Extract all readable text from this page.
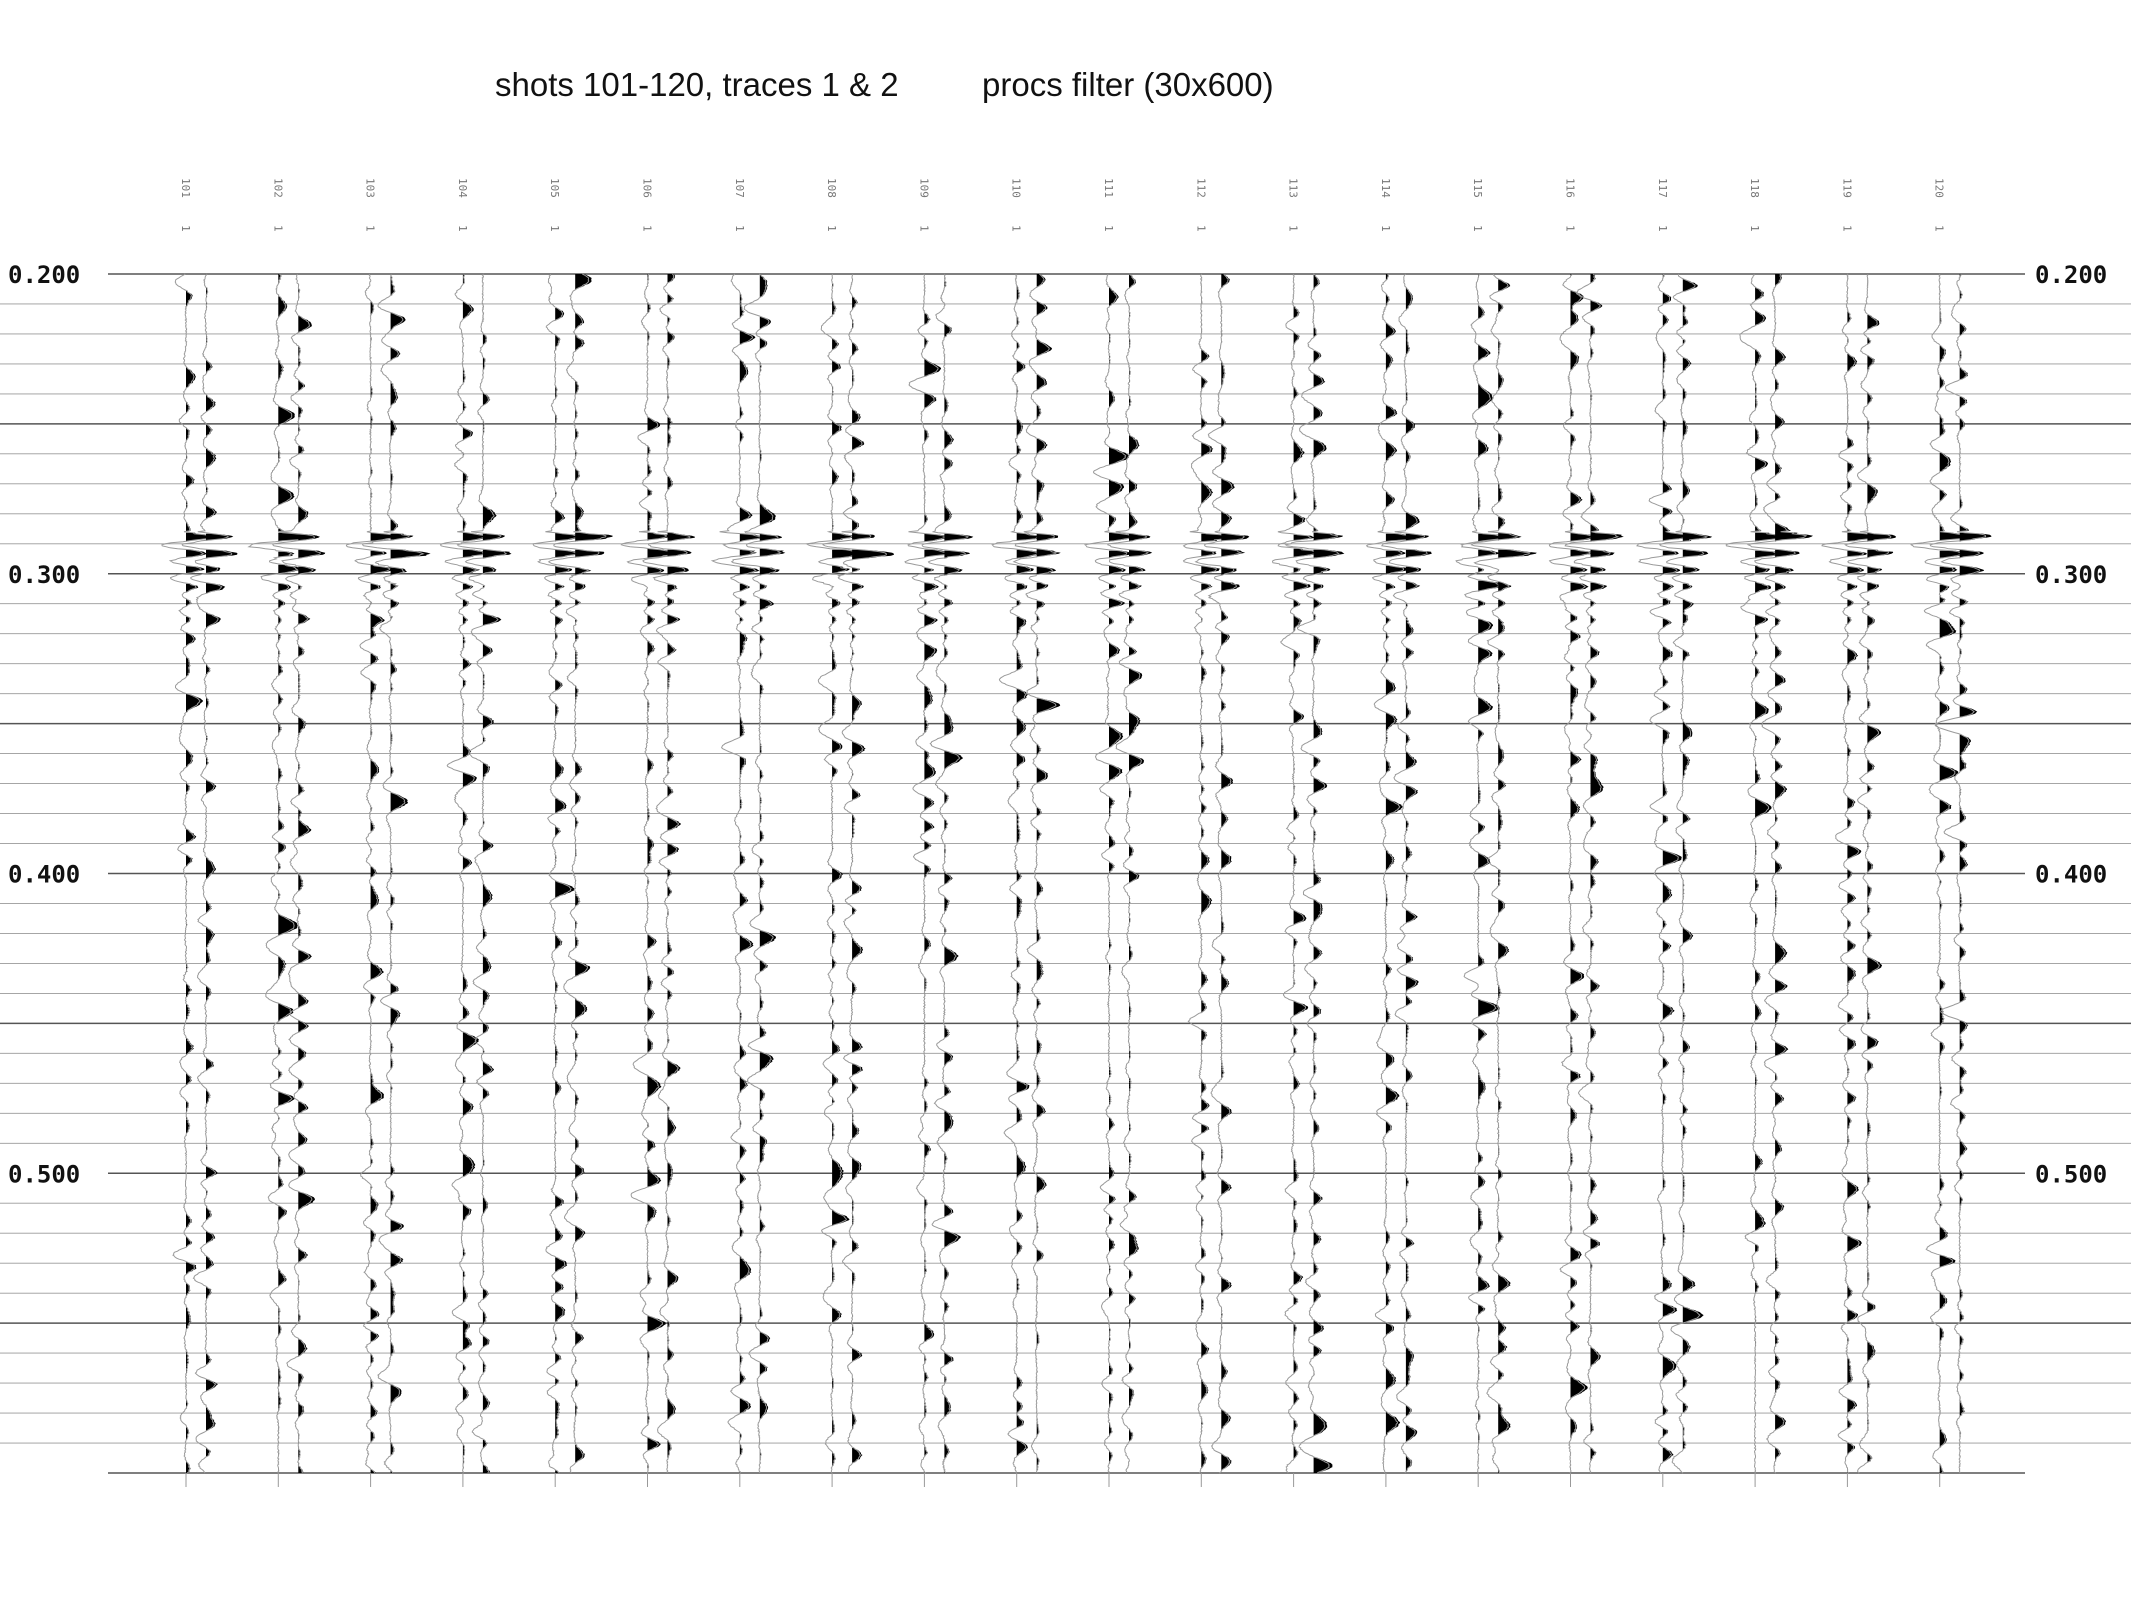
shots 101-120, traces 1 & 2	procs filter (30x600)
101
1
102
1
103
1
104
1
105
1
106
1
107
1
108
1
109
1
110
1
111
1
112
1
113
1
114
1
115
1
116
1
117
1
118
1
119
1
120
1
0.200
0.300
0.400
0.500
0.200
0.300
0.400
0.500
